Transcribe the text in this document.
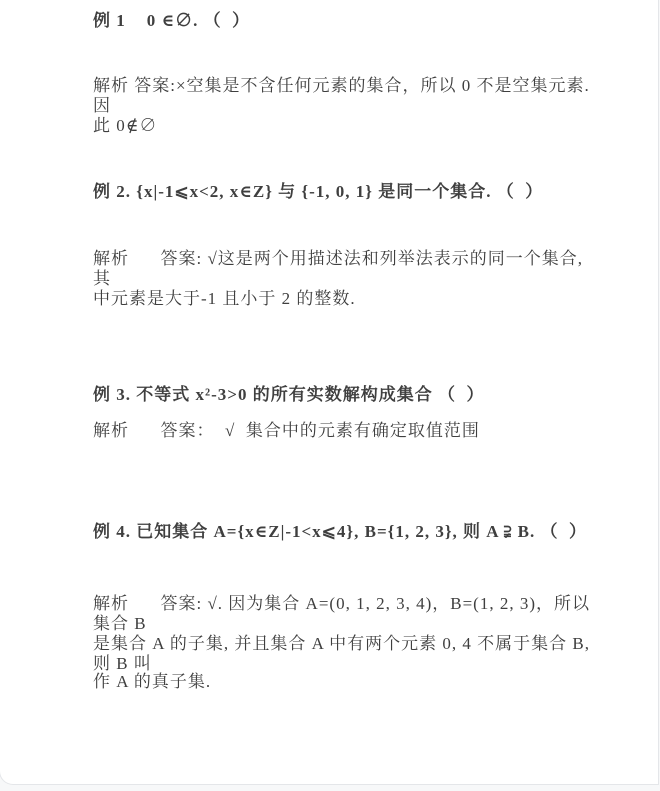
例 1    0 ∈∅. （  ）
解析 答案:×空集是不含任何元素的集合，所以 0 不是空集元素. 因
此 0∉∅
例 2. {x|-1⩽x<2, x∈Z} 与 {-1, 0, 1} 是同一个集合. （  ）
解析      答案: √这是两个用描述法和列举法表示的同一个集合, 其
中元素是大于-1 且小于 2 的整数.
例 3. 不等式 x²-3>0 的所有实数解构成集合 （  ）
解析      答案：  √  集合中的元素有确定取值范围
例 4. 已知集合 A={x∈Z|-1<x⩽4}, B={1, 2, 3}, 则 A ⫌ B. （  ）
解析      答案: √. 因为集合 A=(0, 1, 2, 3, 4)，B=(1, 2, 3)，所以集合 B
是集合 A 的子集, 并且集合 A 中有两个元素 0, 4 不属于集合 B, 则 B 叫
作 A 的真子集.
